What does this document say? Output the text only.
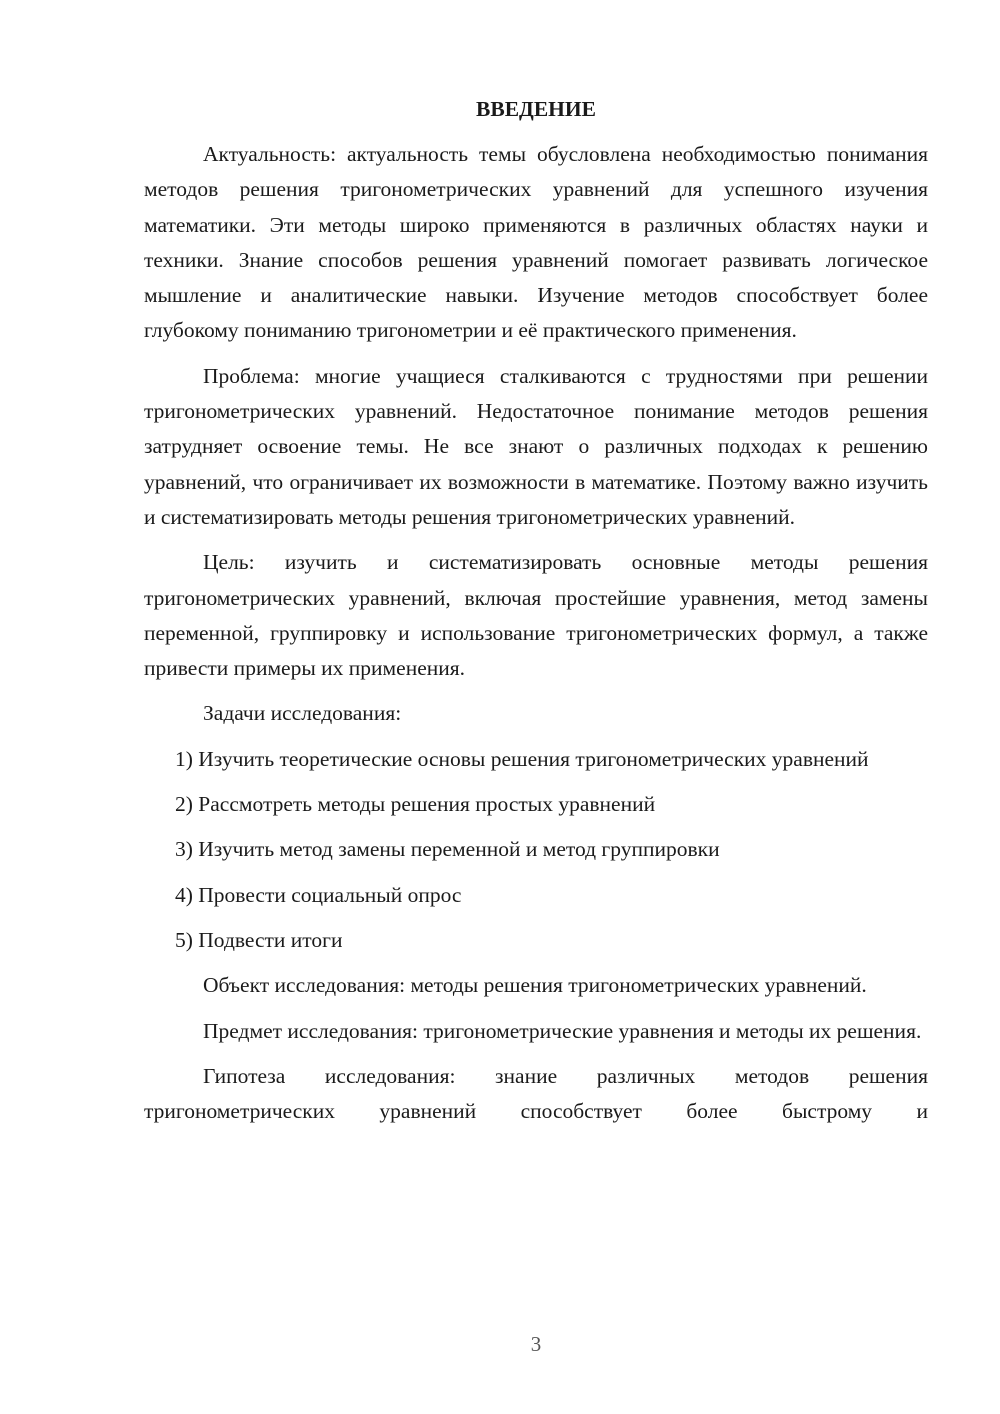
ВВЕДЕНИЕ

Актуальность: актуальность темы обусловлена необходимостью понимания методов решения тригонометрических уравнений для успешного изучения математики. Эти методы широко применяются в различных областях науки и техники. Знание способов решения уравнений помогает развивать логическое мышление и аналитические навыки. Изучение методов способствует более глубокому пониманию тригонометрии и её практического применения.

Проблема: многие учащиеся сталкиваются с трудностями при решении тригонометрических уравнений. Недостаточное понимание методов решения затрудняет освоение темы. Не все знают о различных подходах к решению уравнений, что ограничивает их возможности в математике. Поэтому важно изучить и систематизировать методы решения тригонометрических уравнений.

Цель: изучить и систематизировать основные методы решения тригонометрических уравнений, включая простейшие уравнения, метод замены переменной, группировку и использование тригонометрических формул, а также привести примеры их применения.

Задачи исследования:

1) Изучить теоретические основы решения тригонометрических уравнений

2) Рассмотреть методы решения простых уравнений

3) Изучить метод замены переменной и метод группировки

4) Провести социальный опрос

5) Подвести итоги

Объект исследования: методы решения тригонометрических уравнений.

Предмет исследования: тригонометрические уравнения и методы их решения.

Гипотеза исследования: знание различных методов решения тригонометрических уравнений способствует более быстрому и

3
